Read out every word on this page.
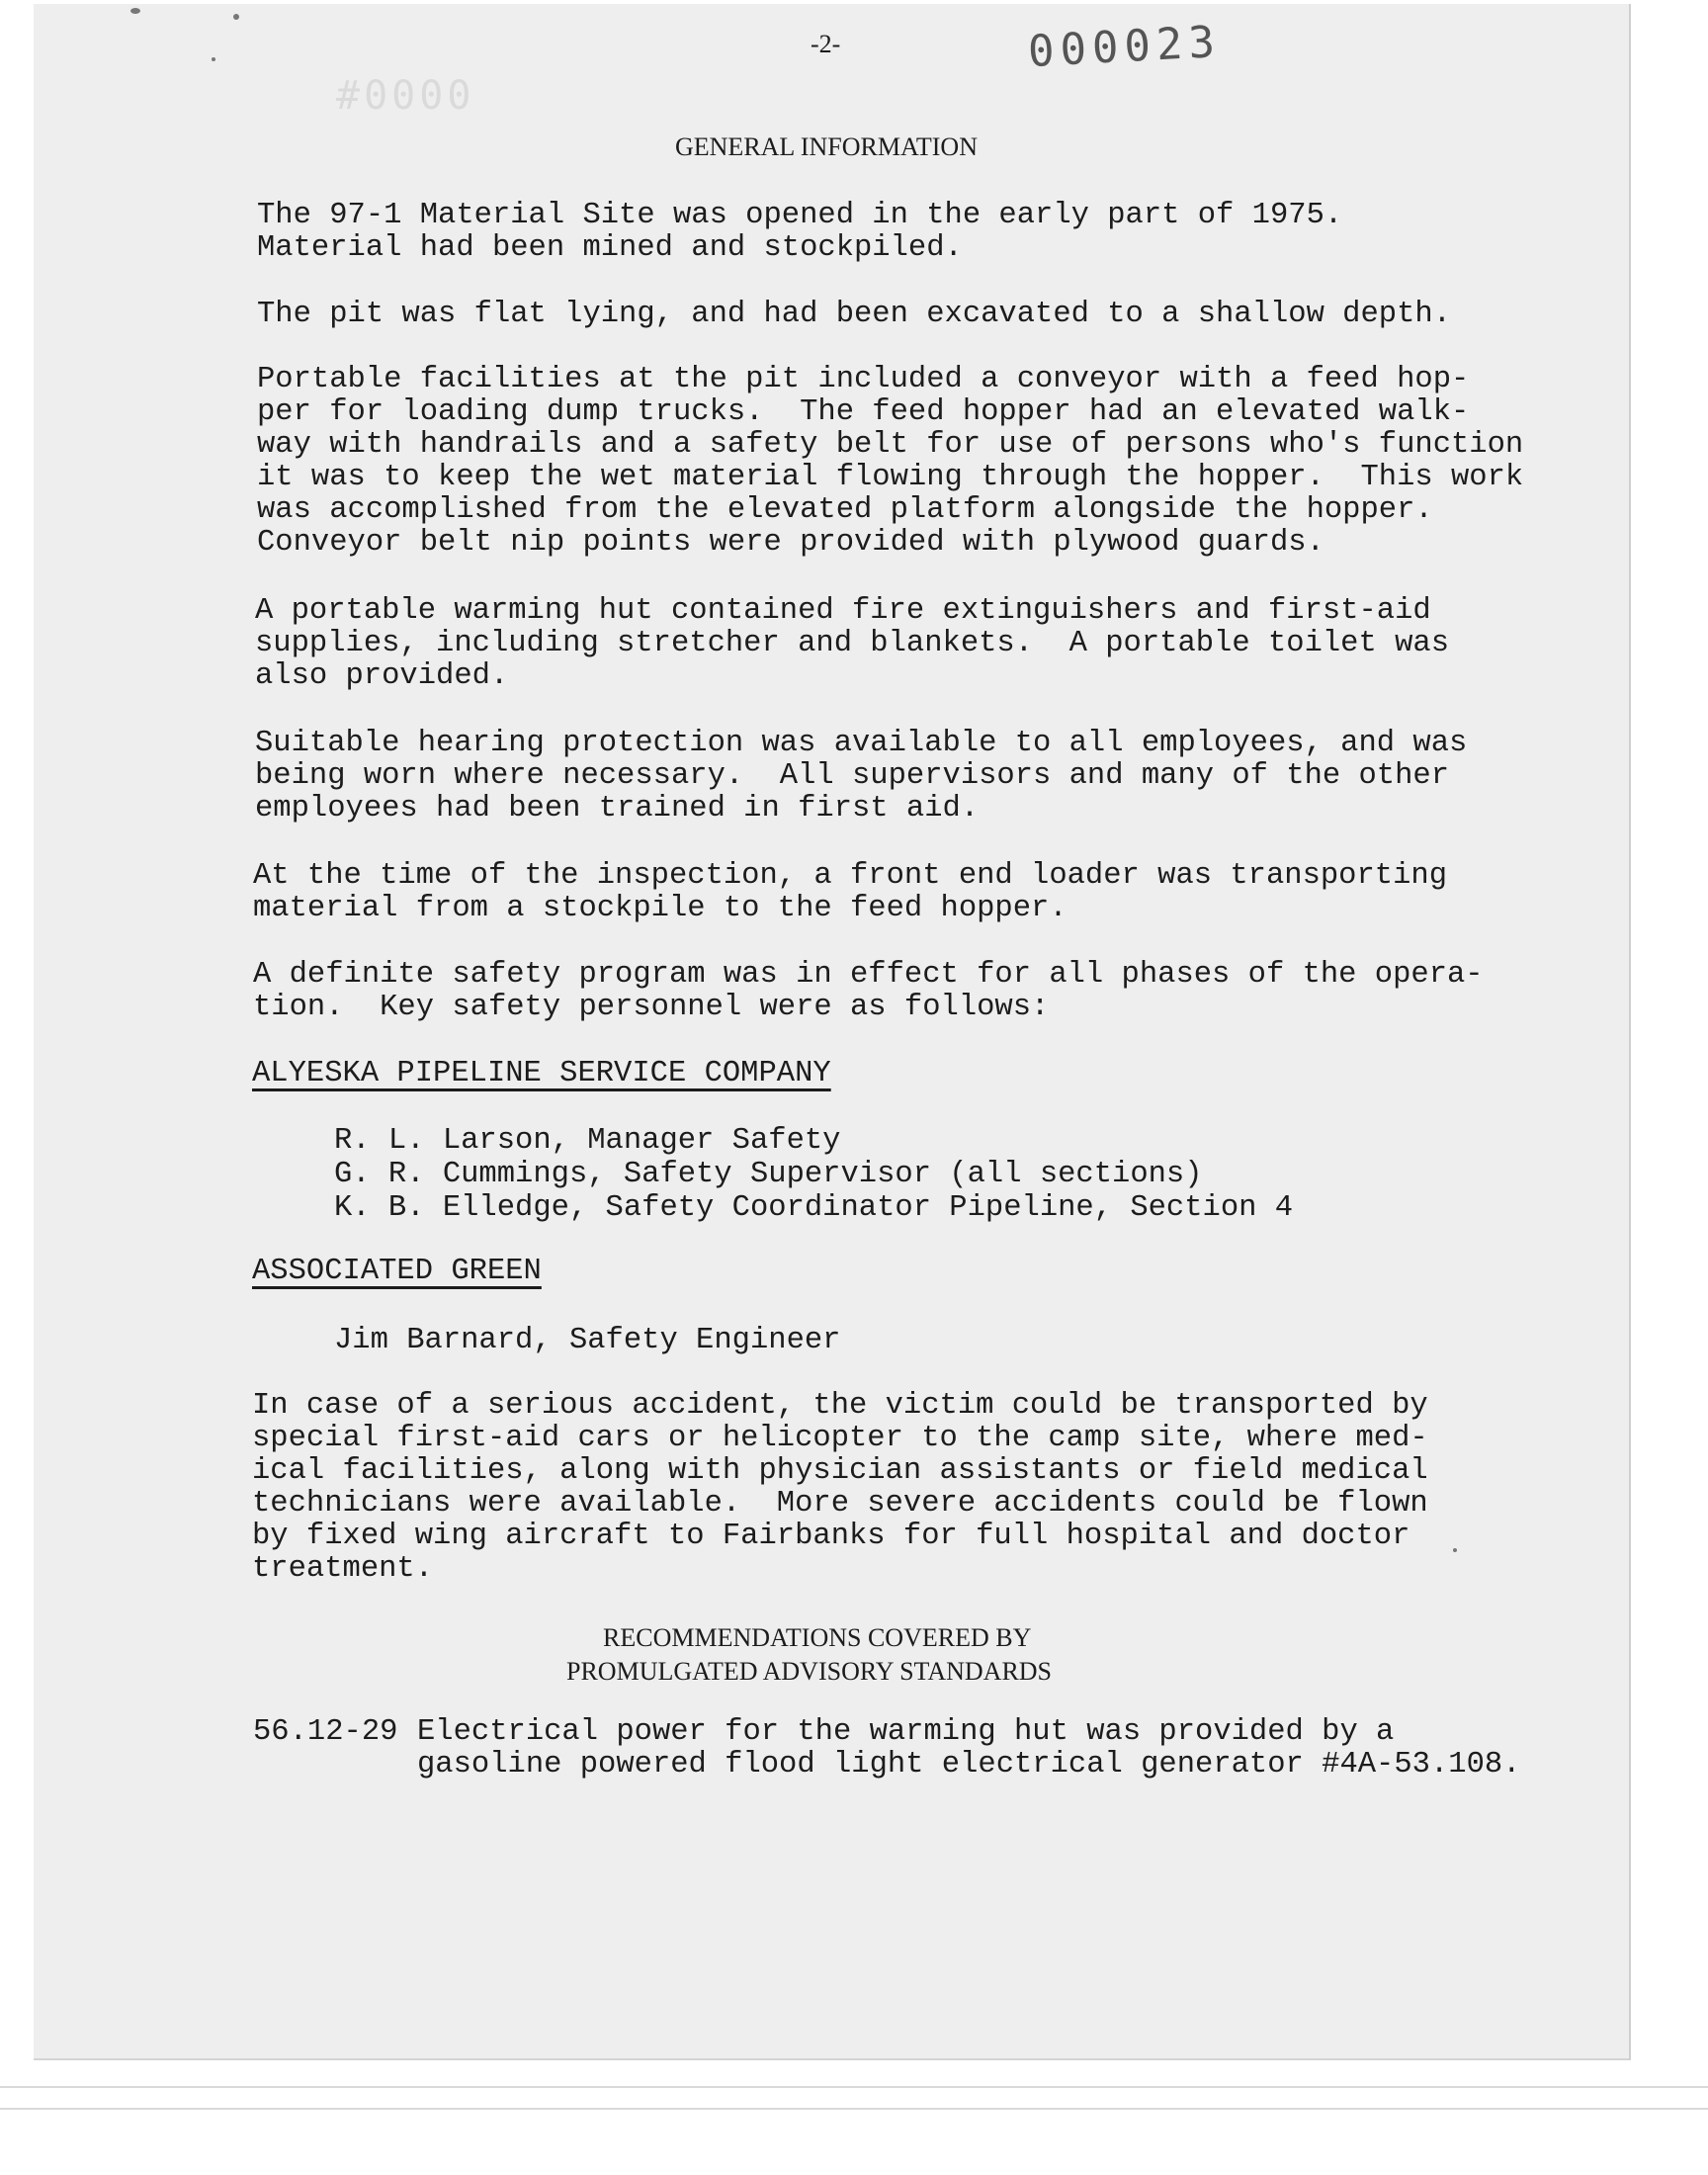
-2-	000023
#0000
GENERAL INFORMATION
The 97-1 Material Site was opened in the early part of 1975.
Material had been mined and stockpiled.
The pit was flat lying, and had been excavated to a shallow depth.
Portable facilities at the pit included a conveyor with a feed hop-
per for loading dump trucks.  The feed hopper had an elevated walk-
way with handrails and a safety belt for use of persons who's function
it was to keep the wet material flowing through the hopper.  This work
was accomplished from the elevated platform alongside the hopper.
Conveyor belt nip points were provided with plywood guards.
A portable warming hut contained fire extinguishers and first-aid
supplies, including stretcher and blankets.  A portable toilet was
also provided.
Suitable hearing protection was available to all employees, and was
being worn where necessary.  All supervisors and many of the other
employees had been trained in first aid.
At the time of the inspection, a front end loader was transporting
material from a stockpile to the feed hopper.
A definite safety program was in effect for all phases of the opera-
tion.  Key safety personnel were as follows:
ALYESKA PIPELINE SERVICE COMPANY
R. L. Larson, Manager Safety
G. R. Cummings, Safety Supervisor (all sections)
K. B. Elledge, Safety Coordinator Pipeline, Section 4
ASSOCIATED GREEN
Jim Barnard, Safety Engineer
In case of a serious accident, the victim could be transported by
special first-aid cars or helicopter to the camp site, where med-
ical facilities, along with physician assistants or field medical
technicians were available.  More severe accidents could be flown
by fixed wing aircraft to Fairbanks for full hospital and doctor
treatment.
RECOMMENDATIONS COVERED BY
PROMULGATED ADVISORY STANDARDS
56.12-29 Electrical power for the warming hut was provided by a
gasoline powered flood light electrical generator #4A-53.108.
